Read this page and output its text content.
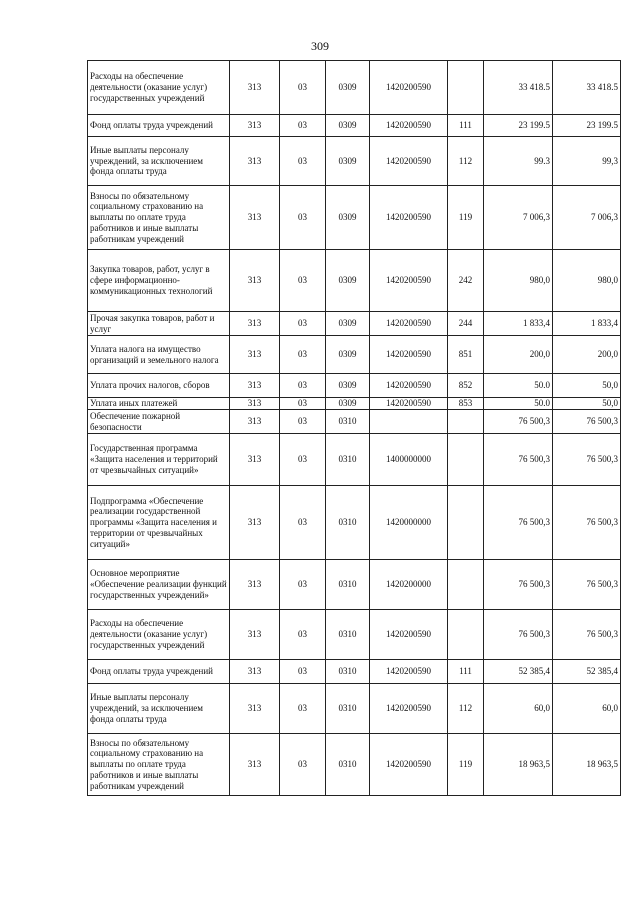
309
Расходы на обеспечение деятельности (оказание услуг) государственных учреждений	313	03	0309	1420200590		33 418.5	33 418.5
Фонд оплаты труда учреждений	313	03	0309	1420200590	111	23 199.5	23 199.5
Иные выплаты персоналу учреждений, за исключением фонда оплаты труда	313	03	0309	1420200590	112	99.3	99,3
Взносы по обязательному социальному страхованию на выплаты по оплате труда работников и иные выплаты работникам учреждений	313	03	0309	1420200590	119	7 006,3	7 006,3
Закупка товаров, работ, услуг в сфере информационно-коммуникационных технологий	313	03	0309	1420200590	242	980,0	980,0
Прочая закупка товаров, работ и услуг	313	03	0309	1420200590	244	1 833,4	1 833,4
Уплата налога на имущество организаций и земельного налога	313	03	0309	1420200590	851	200,0	200,0
Уплата прочих налогов, сборов	313	03	0309	1420200590	852	50.0	50,0
Уплата иных платежей	313	03	0309	1420200590	853	50.0	50,0
Обеспечение пожарной безопасности	313	03	0310			76 500,3	76 500,3
Государственная программа «Защита населения и территорий от чрезвычайных ситуаций»	313	03	0310	1400000000		76 500,3	76 500,3
Подпрограмма «Обеспечение реализации государственной программы «Защита населения и территории от чрезвычайных ситуаций»	313	03	0310	1420000000		76 500,3	76 500,3
Основное мероприятие «Обеспечение реализации функций государственных учреждений»	313	03	0310	1420200000		76 500,3	76 500,3
Расходы на обеспечение деятельности (оказание услуг) государственных учреждений	313	03	0310	1420200590		76 500,3	76 500,3
Фонд оплаты труда учреждений	313	03	0310	1420200590	111	52 385,4	52 385,4
Иные выплаты персоналу учреждений, за исключением фонда оплаты труда	313	03	0310	1420200590	112	60,0	60,0
Взносы по обязательному социальному страхованию на выплаты по оплате труда работников и иные выплаты работникам учреждений	313	03	0310	1420200590	119	18 963,5	18 963,5
